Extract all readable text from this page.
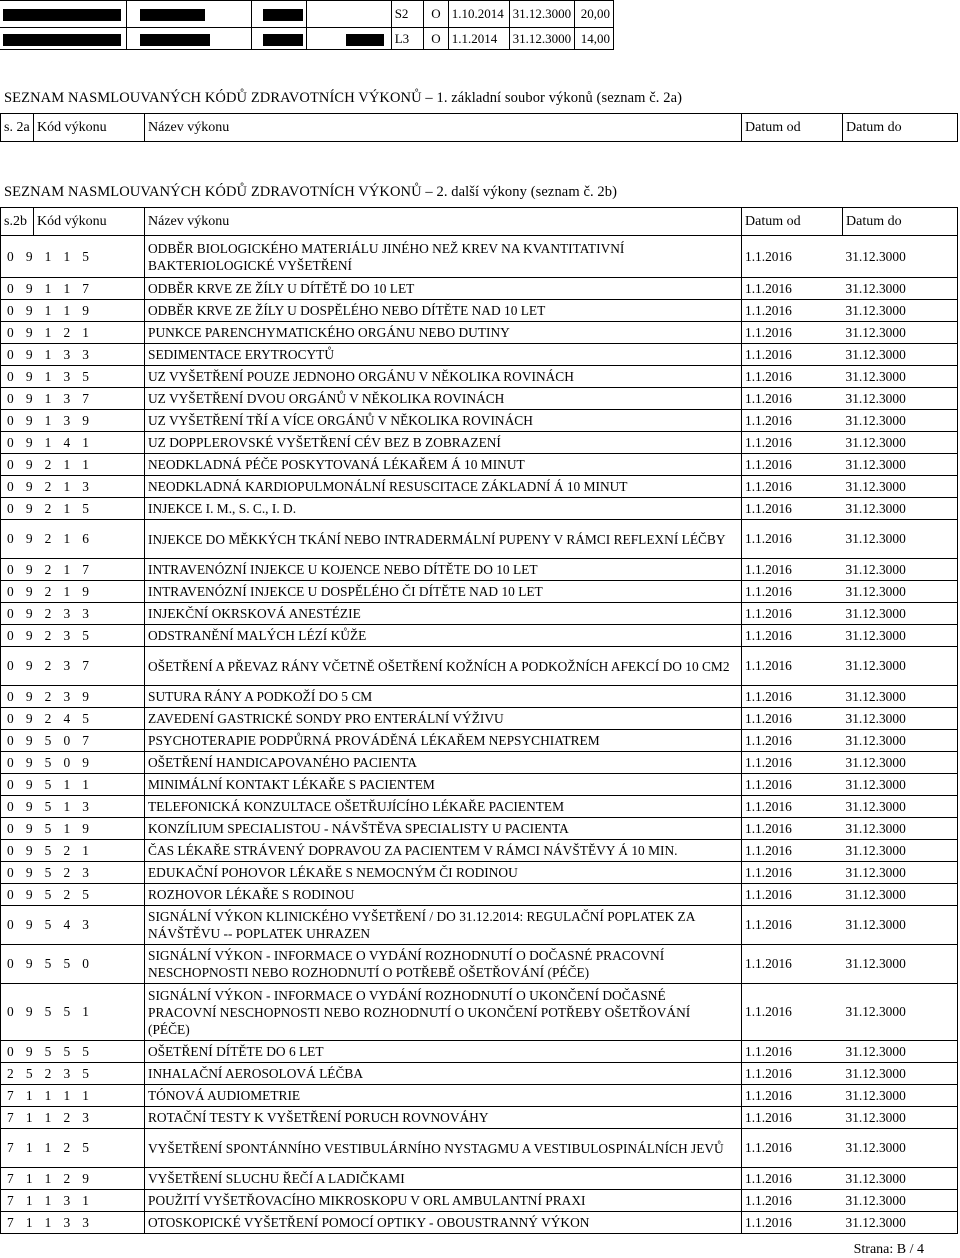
				S2	O	1.10.2014	31.12.3000	20,00
				L3	O	1.1.2014	31.12.3000	14,00
SEZNAM NASMLOUVANÝCH KÓDŮ ZDRAVOTNÍCH VÝKONŮ – 1. základní soubor výkonů (seznam č. 2a)
s. 2a	Kód výkonu	Název výkonu	Datum od	Datum do
SEZNAM NASMLOUVANÝCH KÓDŮ ZDRAVOTNÍCH VÝKONŮ – 2. další výkony (seznam č. 2b)
s.2b	Kód výkonu	Název výkonu	Datum od	Datum do

0 9 1 1 5		ODBĚR BIOLOGICKÉHO MATERIÁLU JINÉHO NEŽ KREV NA KVANTITATIVNÍ BAKTERIOLOGICKÉ VYŠETŘENÍ	1.1.2016	31.12.3000

0 9 1 1 7		ODBĚR KRVE ZE ŽÍLY U DÍTĚTĚ DO 10 LET	1.1.2016	31.12.3000

0 9 1 1 9		ODBĚR KRVE ZE ŽÍLY U DOSPĚLÉHO NEBO DÍTĚTE NAD 10 LET	1.1.2016	31.12.3000

0 9 1 2 1		PUNKCE PARENCHYMATICKÉHO ORGÁNU NEBO DUTINY	1.1.2016	31.12.3000

0 9 1 3 3		SEDIMENTACE ERYTROCYTŮ	1.1.2016	31.12.3000

0 9 1 3 5		UZ VYŠETŘENÍ POUZE JEDNOHO ORGÁNU V NĚKOLIKA ROVINÁCH	1.1.2016	31.12.3000

0 9 1 3 7		UZ VYŠETŘENÍ DVOU ORGÁNŮ V NĚKOLIKA ROVINÁCH	1.1.2016	31.12.3000

0 9 1 3 9		UZ VYŠETŘENÍ TŘÍ A VÍCE ORGÁNŮ V NĚKOLIKA ROVINÁCH	1.1.2016	31.12.3000

0 9 1 4 1		UZ DOPPLEROVSKÉ VYŠETŘENÍ CÉV BEZ B ZOBRAZENÍ	1.1.2016	31.12.3000

0 9 2 1 1		NEODKLADNÁ PÉČE POSKYTOVANÁ LÉKAŘEM Á 10 MINUT	1.1.2016	31.12.3000

0 9 2 1 3		NEODKLADNÁ KARDIOPULMONÁLNÍ RESUSCITACE ZÁKLADNÍ Á 10 MINUT	1.1.2016	31.12.3000

0 9 2 1 5		INJEKCE I. M., S. C., I. D.	1.1.2016	31.12.3000

0 9 2 1 6		INJEKCE DO MĚKKÝCH TKÁNÍ NEBO INTRADERMÁLNÍ PUPENY V RÁMCI REFLEXNÍ LÉČBY	1.1.2016	31.12.3000

0 9 2 1 7		INTRAVENÓZNÍ INJEKCE U KOJENCE NEBO DÍTĚTE DO 10 LET	1.1.2016	31.12.3000

0 9 2 1 9		INTRAVENÓZNÍ INJEKCE U DOSPĚLÉHO ČI DÍTĚTE NAD 10 LET	1.1.2016	31.12.3000

0 9 2 3 3		INJEKČNÍ OKRSKOVÁ ANESTÉZIE	1.1.2016	31.12.3000

0 9 2 3 5		ODSTRANĚNÍ MALÝCH LÉZÍ KŮŽE	1.1.2016	31.12.3000

0 9 2 3 7		OŠETŘENÍ A PŘEVAZ RÁNY VČETNĚ OŠETŘENÍ KOŽNÍCH A PODKOŽNÍCH AFEKCÍ DO 10 CM2	1.1.2016	31.12.3000

0 9 2 3 9		SUTURA RÁNY A PODKOŽÍ DO 5 CM	1.1.2016	31.12.3000

0 9 2 4 5		ZAVEDENÍ GASTRICKÉ SONDY PRO ENTERÁLNÍ VÝŽIVU	1.1.2016	31.12.3000

0 9 5 0 7		PSYCHOTERAPIE PODPŮRNÁ PROVÁDĚNÁ LÉKAŘEM NEPSYCHIATREM	1.1.2016	31.12.3000

0 9 5 0 9		OŠETŘENÍ HANDICAPOVANÉHO PACIENTA	1.1.2016	31.12.3000

0 9 5 1 1		MINIMÁLNÍ KONTAKT LÉKAŘE S PACIENTEM	1.1.2016	31.12.3000

0 9 5 1 3		TELEFONICKÁ KONZULTACE OŠETŘUJÍCÍHO LÉKAŘE PACIENTEM	1.1.2016	31.12.3000

0 9 5 1 9		KONZÍLIUM SPECIALISTOU - NÁVŠTĚVA SPECIALISTY U PACIENTA	1.1.2016	31.12.3000

0 9 5 2 1		ČAS LÉKAŘE STRÁVENÝ DOPRAVOU ZA PACIENTEM V RÁMCI NÁVŠTĚVY Á 10 MIN.	1.1.2016	31.12.3000

0 9 5 2 3		EDUKAČNÍ POHOVOR LÉKAŘE S NEMOCNÝM ČI RODINOU	1.1.2016	31.12.3000

0 9 5 2 5		ROZHOVOR LÉKAŘE S RODINOU	1.1.2016	31.12.3000

0 9 5 4 3		SIGNÁLNÍ VÝKON KLINICKÉHO VYŠETŘENÍ / DO 31.12.2014: REGULAČNÍ POPLATEK ZA NÁVŠTĚVU -- POPLATEK UHRAZEN	1.1.2016	31.12.3000

0 9 5 5 0		SIGNÁLNÍ VÝKON - INFORMACE O VYDÁNÍ ROZHODNUTÍ O DOČASNÉ PRACOVNÍ NESCHOPNOSTI NEBO ROZHODNUTÍ O POTŘEBĚ OŠETŘOVÁNÍ (PÉČE)	1.1.2016	31.12.3000

0 9 5 5 1		SIGNÁLNÍ VÝKON - INFORMACE O VYDÁNÍ ROZHODNUTÍ O UKONČENÍ DOČASNÉ PRACOVNÍ NESCHOPNOSTI NEBO ROZHODNUTÍ O UKONČENÍ POTŘEBY OŠETŘOVÁNÍ (PÉČE)	1.1.2016	31.12.3000

0 9 5 5 5		OŠETŘENÍ DÍTĚTE DO 6 LET	1.1.2016	31.12.3000

2 5 2 3 5		INHALAČNÍ AEROSOLOVÁ LÉČBA	1.1.2016	31.12.3000

7 1 1 1 1		TÓNOVÁ AUDIOMETRIE	1.1.2016	31.12.3000

7 1 1 2 3		ROTAČNÍ TESTY K VYŠETŘENÍ PORUCH ROVNOVÁHY	1.1.2016	31.12.3000

7 1 1 2 5		VYŠETŘENÍ SPONTÁNNÍHO VESTIBULÁRNÍHO NYSTAGMU A VESTIBULOSPINÁLNÍCH JEVŮ	1.1.2016	31.12.3000

7 1 1 2 9		VYŠETŘENÍ SLUCHU ŘEČÍ A LADIČKAMI	1.1.2016	31.12.3000

7 1 1 3 1		POUŽITÍ VYŠETŘOVACÍHO MIKROSKOPU V ORL AMBULANTNÍ PRAXI	1.1.2016	31.12.3000

7 1 1 3 3		OTOSKOPICKÉ VYŠETŘENÍ POMOCÍ OPTIKY - OBOUSTRANNÝ VÝKON	1.1.2016	31.12.3000
Strana: B / 4
